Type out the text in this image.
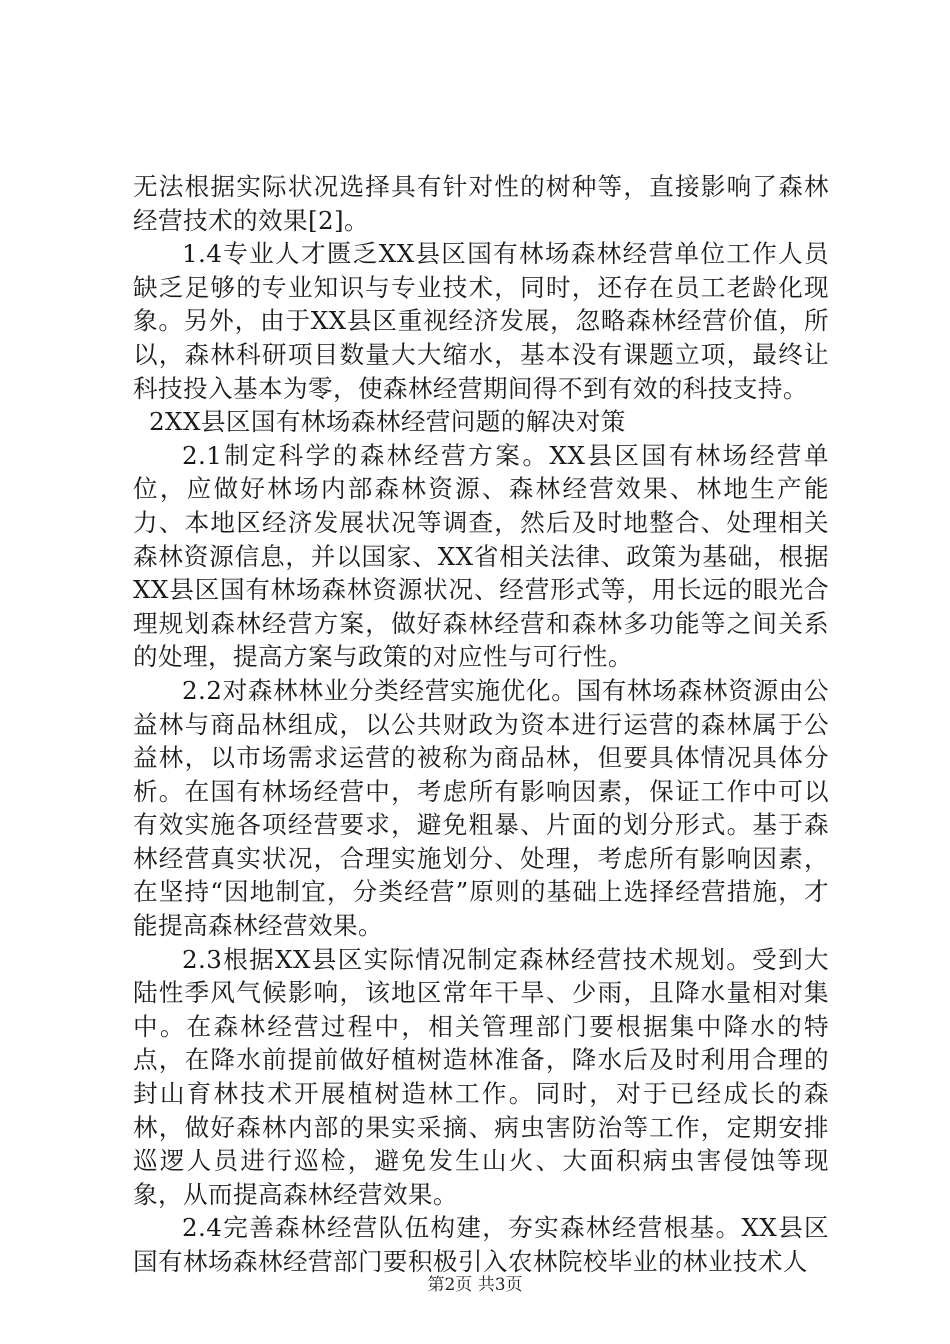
无法根据实际状况选择具有针对性的树种等，直接影响了森林经营技术的效果[2]。

1.4专业人才匮乏XX县区国有林场森林经营单位工作人员缺乏足够的专业知识与专业技术，同时，还存在员工老龄化现象。另外，由于XX县区重视经济发展，忽略森林经营价值，所以，森林科研项目数量大大缩水，基本没有课题立项，最终让科技投入基本为零，使森林经营期间得不到有效的科技支持。

2XX县区国有林场森林经营问题的解决对策

2.1制定科学的森林经营方案。XX县区国有林场经营单位，应做好林场内部森林资源、森林经营效果、林地生产能力、本地区经济发展状况等调查，然后及时地整合、处理相关森林资源信息，并以国家、XX省相关法律、政策为基础，根据XX县区国有林场森林资源状况、经营形式等，用长远的眼光合理规划森林经营方案，做好森林经营和森林多功能等之间关系的处理，提高方案与政策的对应性与可行性。

2.2对森林林业分类经营实施优化。国有林场森林资源由公益林与商品林组成，以公共财政为资本进行运营的森林属于公益林，以市场需求运营的被称为商品林，但要具体情况具体分析。在国有林场经营中，考虑所有影响因素，保证工作中可以有效实施各项经营要求，避免粗暴、片面的划分形式。基于森林经营真实状况，合理实施划分、处理，考虑所有影响因素，在坚持“因地制宜，分类经营”原则的基础上选择经营措施，才能提高森林经营效果。

2.3根据XX县区实际情况制定森林经营技术规划。受到大陆性季风气候影响，该地区常年干旱、少雨，且降水量相对集中。在森林经营过程中，相关管理部门要根据集中降水的特点，在降水前提前做好植树造林准备，降水后及时利用合理的封山育林技术开展植树造林工作。同时，对于已经成长的森林，做好森林内部的果实采摘、病虫害防治等工作，定期安排巡逻人员进行巡检，避免发生山火、大面积病虫害侵蚀等现象，从而提高森林经营效果。

2.4完善森林经营队伍构建，夯实森林经营根基。XX县区国有林场森林经营部门要积极引入农林院校毕业的林业技术人

第2页 共3页
